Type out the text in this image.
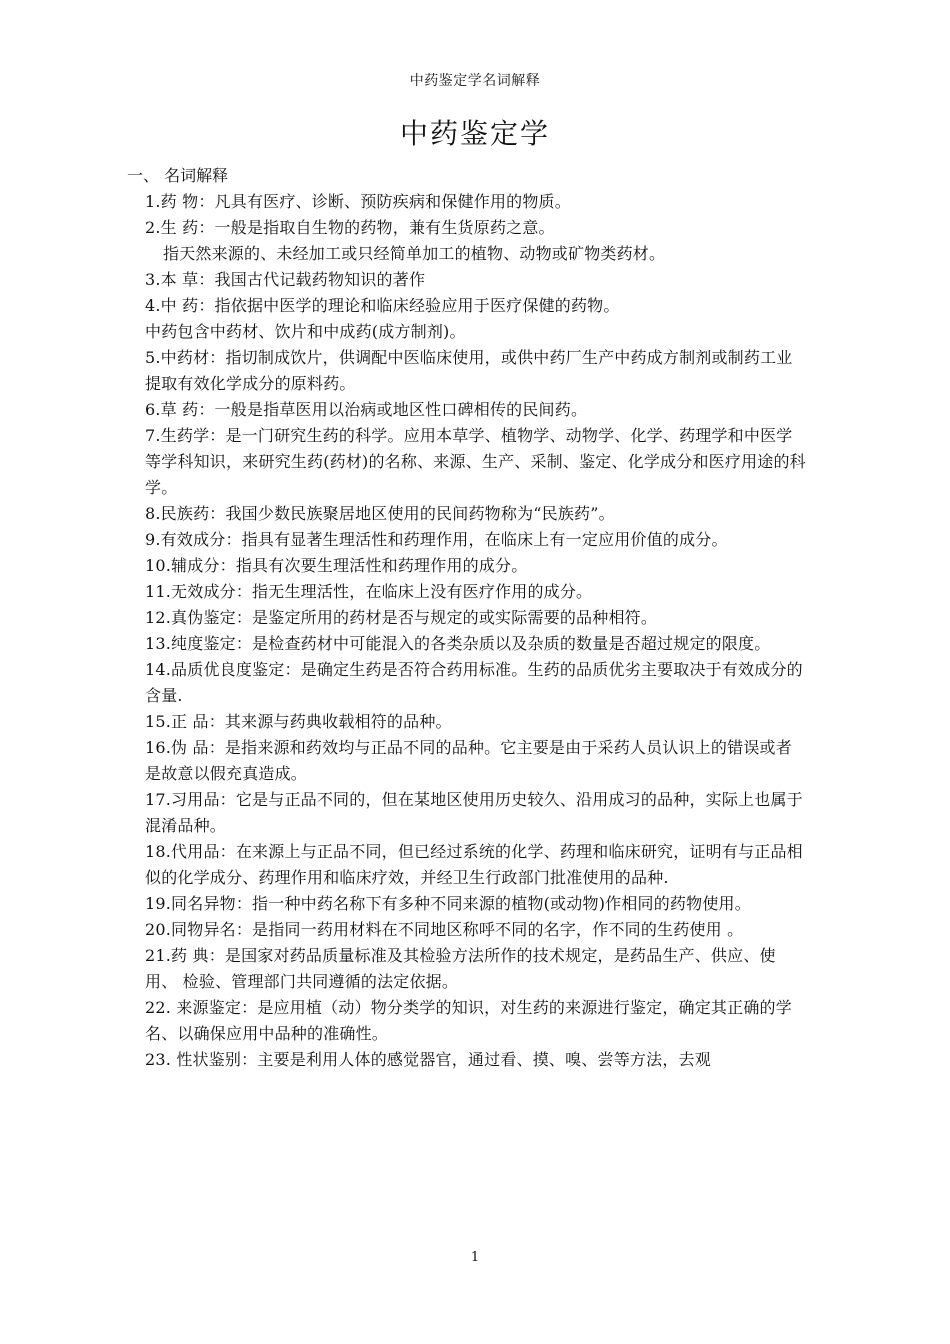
中药鉴定学名词解释
中药鉴定学
一、 名词解释

1.药 物：凡具有医疗、诊断、预防疾病和保健作用的物质。

2.生 药：一般是指取自生物的药物，兼有生货原药之意。

指天然来源的、未经加工或只经简单加工的植物、动物或矿物类药材。

3.本 草：我国古代记载药物知识的著作

4.中 药：指依据中医学的理论和临床经验应用于医疗保健的药物。

中药包含中药材、饮片和中成药(成方制剂)。

5.中药材：指切制成饮片，供调配中医临床使用，或供中药厂生产中药成方制剂或制药工业提取有效化学成分的原料药。

6.草 药：一般是指草医用以治病或地区性口碑相传的民间药。

7.生药学：是一门研究生药的科学。应用本草学、植物学、动物学、化学、药理学和中医学等学科知识，来研究生药(药材)的名称、来源、生产、采制、鉴定、化学成分和医疗用途的科学。

8.民族药：我国少数民族聚居地区使用的民间药物称为“民族药”。

9.有效成分：指具有显著生理活性和药理作用，在临床上有一定应用价值的成分。

10.辅成分：指具有次要生理活性和药理作用的成分。

11.无效成分：指无生理活性，在临床上没有医疗作用的成分。

12.真伪鉴定：是鉴定所用的药材是否与规定的或实际需要的品种相符。

13.纯度鉴定：是检查药材中可能混入的各类杂质以及杂质的数量是否超过规定的限度。

14.品质优良度鉴定：是确定生药是否符合药用标准。生药的品质优劣主要取决于有效成分的含量.

15.正 品：其来源与药典收载相符的品种。

16.伪 品：是指来源和药效均与正品不同的品种。它主要是由于采药人员认识上的错误或者是故意以假充真造成。

17.习用品：它是与正品不同的，但在某地区使用历史较久、沿用成习的品种，实际上也属于混淆品种。

18.代用品：在来源上与正品不同，但已经过系统的化学、药理和临床研究，证明有与正品相似的化学成分、药理作用和临床疗效，并经卫生行政部门批准使用的品种.

19.同名异物：指一种中药名称下有多种不同来源的植物(或动物)作相同的药物使用。

20.同物异名：是指同一药用材料在不同地区称呼不同的名字，作不同的生药使用 。

21.药 典：是国家对药品质量标准及其检验方法所作的技术规定，是药品生产、供应、使用、 检验、管理部门共同遵循的法定依据。

22. 来源鉴定：是应用植（动）物分类学的知识，对生药的来源进行鉴定，确定其正确的学名、以确保应用中品种的准确性。

23. 性状鉴别：主要是利用人体的感觉器官，通过看、摸、嗅、尝等方法，去观

1
